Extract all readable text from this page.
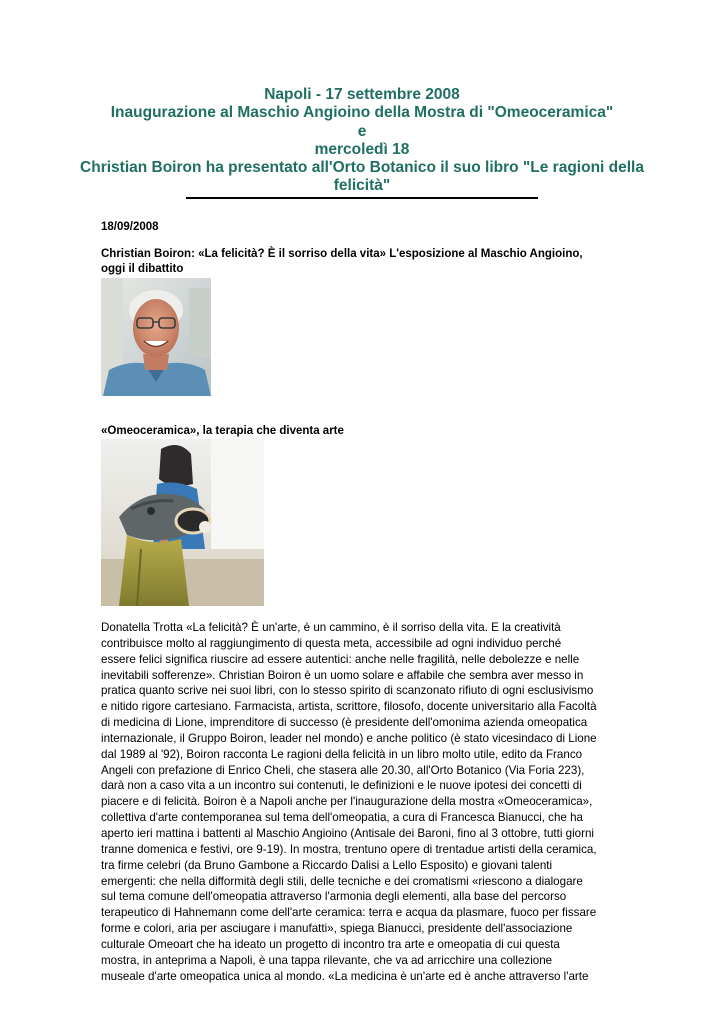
Napoli - 17 settembre 2008
Inaugurazione al Maschio Angioino della Mostra di "Omeoceramica"
e
mercoledì 18
Christian Boiron ha presentato all'Orto Botanico il suo libro "Le ragioni della
felicità"
18/09/2008
Christian Boiron: «La felicità? È il sorriso della vita» L'esposizione al Maschio Angioino,
oggi il dibattito
«Omeoceramica», la terapia che diventa arte
Donatella Trotta «La felicità? È un'arte, è un cammino, è il sorriso della vita. E la creatività
contribuisce molto al raggiungimento di questa meta, accessibile ad ogni individuo perché
essere felici significa riuscire ad essere autentici: anche nelle fragilità, nelle debolezze e nelle
inevitabili sofferenze». Christian Boiron è un uomo solare e affabile che sembra aver messo in
pratica quanto scrive nei suoi libri, con lo stesso spirito di scanzonato rifiuto di ogni esclusivismo
e nitido rigore cartesiano. Farmacista, artista, scrittore, filosofo, docente universitario alla Facoltà
di medicina di Lione, imprenditore di successo (è presidente dell'omonima azienda omeopatica
internazionale, il Gruppo Boiron, leader nel mondo) e anche politico (è stato vicesindaco di Lione
dal 1989 al '92), Boiron racconta Le ragioni della felicità in un libro molto utile, edito da Franco
Angeli con prefazione di Enrico Cheli, che stasera alle 20.30, all'Orto Botanico (Via Foria 223),
darà non a caso vita a un incontro sui contenuti, le definizioni e le nuove ipotesi dei concetti di
piacere e di felicità. Boiron è a Napoli anche per l'inaugurazione della mostra «Omeoceramica»,
collettiva d'arte contemporanea sul tema dell'omeopatia, a cura di Francesca Bianucci, che ha
aperto ieri mattina i battenti al Maschio Angioino (Antisale dei Baroni, fino al 3 ottobre, tutti giorni
tranne domenica e festivi, ore 9-19). In mostra, trentuno opere di trentadue artisti della ceramica,
tra firme celebri (da Bruno Gambone a Riccardo Dalisi a Lello Esposito) e giovani talenti
emergenti: che nella difformità degli stili, delle tecniche e dei cromatismi «riescono a dialogare
sul tema comune dell'omeopatia attraverso l'armonia degli elementi, alla base del percorso
terapeutico di Hahnemann come dell'arte ceramica: terra e acqua da plasmare, fuoco per fissare
forme e colori, aria per asciugare i manufatti», spiega Bianucci, presidente dell'associazione
culturale Omeoart che ha ideato un progetto di incontro tra arte e omeopatia di cui questa
mostra, in anteprima a Napoli, è una tappa rilevante, che va ad arricchire una collezione
museale d'arte omeopatica unica al mondo. «La medicina è un'arte ed è anche attraverso l'arte
